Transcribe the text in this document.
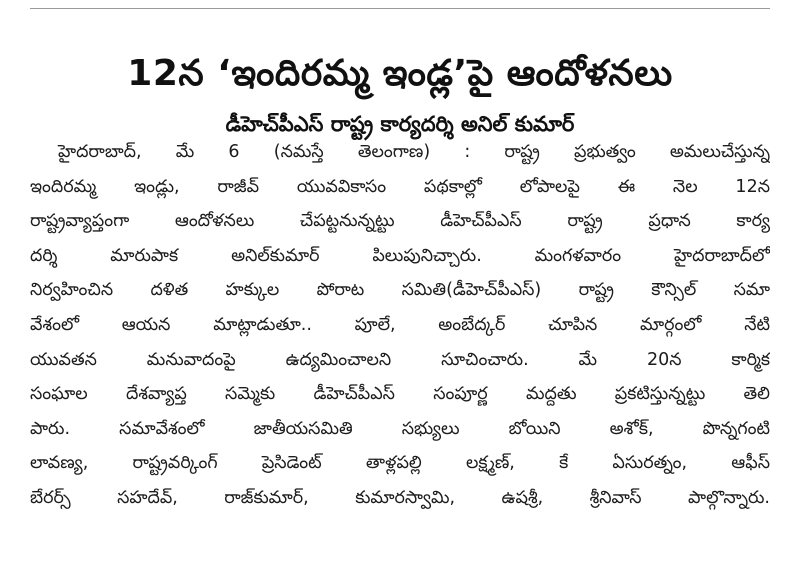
12న ‘ఇందిరమ్మ ఇండ్ల’పై ఆందోళనలు
డీహెచ్‌పీఎస్ రాష్ట్ర కార్యదర్శి అనిల్ కుమార్
హైదరాబాద్, మే 6 (నమస్తే తెలంగాణ) : రాష్ట్ర ప్రభుత్వం అమలుచేస్తున్న
ఇందిరమ్మ ఇండ్లు, రాజీవ్ యువవికాసం పథకాల్లో లోపాలపై ఈ నెల 12న
రాష్ట్రవ్యాప్తంగా ఆందోళనలు చేపట్టనున్నట్టు డీహెచ్‌పీఎస్ రాష్ట్ర ప్రధాన కార్య
దర్శి మారుపాక అనిల్‌కుమార్ పిలుపునిచ్చారు. మంగళవారం హైదరాబాద్‌లో
నిర్వహించిన దళిత హక్కుల పోరాట సమితి(డీహెచ్‌పీఎస్) రాష్ట్ర కౌన్సిల్ సమా
వేశంలో ఆయన మాట్లాడుతూ.. పూలే, అంబేద్కర్ చూపిన మార్గంలో నేటి
యువతన మనువాదంపై ఉద్యమించాలని సూచించారు. మే 20న కార్మిక
సంఘాల దేశవ్యాప్త సమ్మెకు డీహెచ్‌పీఎస్ సంపూర్ణ మద్దతు ప్రకటిస్తున్నట్టు తెలి
పారు. సమావేశంలో జాతీయసమితి సభ్యులు బోయిని అశోక్, పొన్నగంటి
లావణ్య, రాష్ట్రవర్కింగ్ ప్రెసిడెంట్ తాళ్లపల్లి లక్ష్మణ్, కే ఏసురత్నం, ఆఫీస్
బేరర్స్ సహదేవ్, రాజ్‌కుమార్, కుమారస్వామి, ఉషశ్రీ, శ్రీనివాస్ పాల్గొన్నారు.
